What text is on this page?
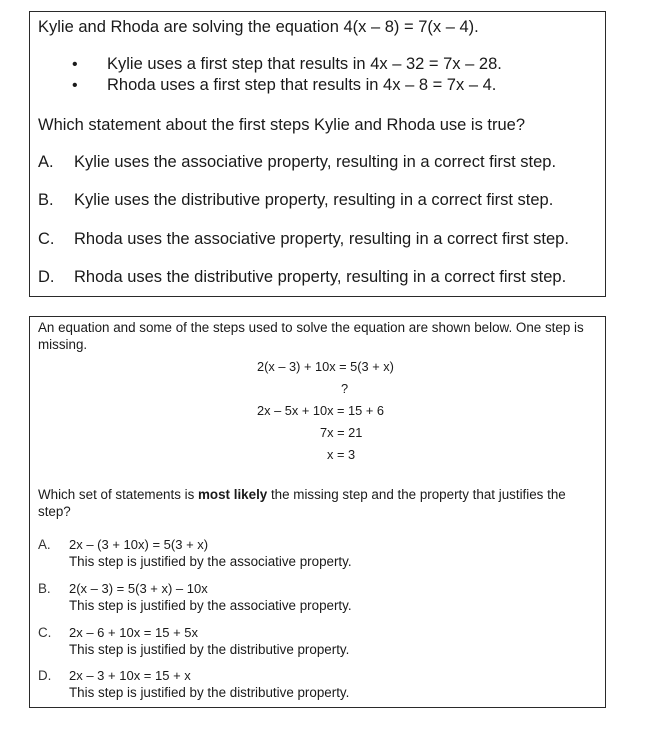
Kylie and Rhoda are solving the equation 4(x – 8) = 7(x – 4).
• Kylie uses a first step that results in 4x – 32 = 7x – 28.
• Rhoda uses a first step that results in 4x – 8 = 7x – 4.
Which statement about the first steps Kylie and Rhoda use is true?
A. Kylie uses the associative property, resulting in a correct first step.
B. Kylie uses the distributive property, resulting in a correct first step.
C. Rhoda uses the associative property, resulting in a correct first step.
D. Rhoda uses the distributive property, resulting in a correct first step.
An equation and some of the steps used to solve the equation are shown below. One step is missing.
2(x – 3) + 10x = 5(3 + x)
?
2x – 5x + 10x = 15 + 6
7x = 21
x = 3
Which set of statements is most likely the missing step and the property that justifies the step?
A. 2x – (3 + 10x) = 5(3 + x)
This step is justified by the associative property.
B. 2(x – 3) = 5(3 + x) – 10x
This step is justified by the associative property.
C. 2x – 6 + 10x = 15 + 5x
This step is justified by the distributive property.
D. 2x – 3 + 10x = 15 + x
This step is justified by the distributive property.
